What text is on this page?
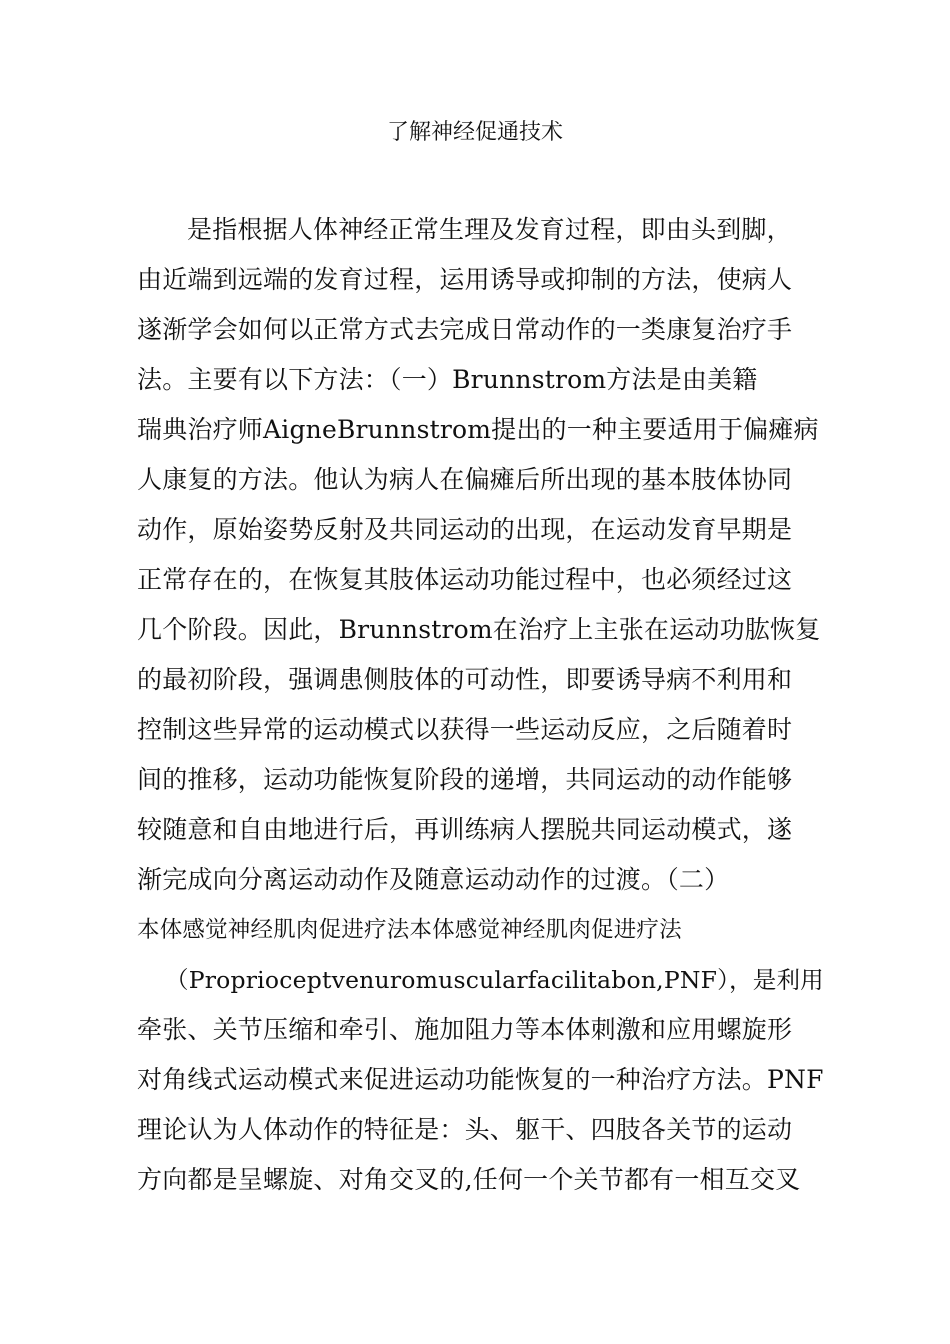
了解神经促通技术
是指根据人体神经正常生理及发育过程，即由头到脚，
由近端到远端的发育过程，运用诱导或抑制的方法，使病人
遂渐学会如何以正常方式去完成日常动作的一类康复治疗手
法。主要有以下方法：（一）Brunnstrom方法是由美籍
瑞典治疗师AigneBrunnstrom提出的一种主要适用于偏瘫病
人康复的方法。他认为病人在偏瘫后所出现的基本肢体协同
动作，原始姿势反射及共同运动的出现，在运动发育早期是
正常存在的，在恢复其肢体运动功能过程中，也必须经过这
几个阶段。因此，Brunnstrom在治疗上主张在运动功肱恢复
的最初阶段，强调患侧肢体的可动性，即要诱导病不利用和
控制这些异常的运动模式以获得一些运动反应，之后随着时
间的推移，运动功能恢复阶段的递增，共同运动的动作能够
较随意和自由地进行后，再训练病人摆脱共同运动模式，遂
渐完成向分离运动动作及随意运动动作的过渡。（二）
本体感觉神经肌肉促进疗法本体感觉神经肌肉促进疗法
（Proprioceptvenuromuscularfacilitabon,PNF），是利用
牵张、关节压缩和牵引、施加阻力等本体刺激和应用螺旋形
对角线式运动模式来促进运动功能恢复的一种治疗方法。PNF
理论认为人体动作的特征是：头、躯干、四肢各关节的运动
方向都是呈螺旋、对角交叉的,任何一个关节都有一相互交叉
